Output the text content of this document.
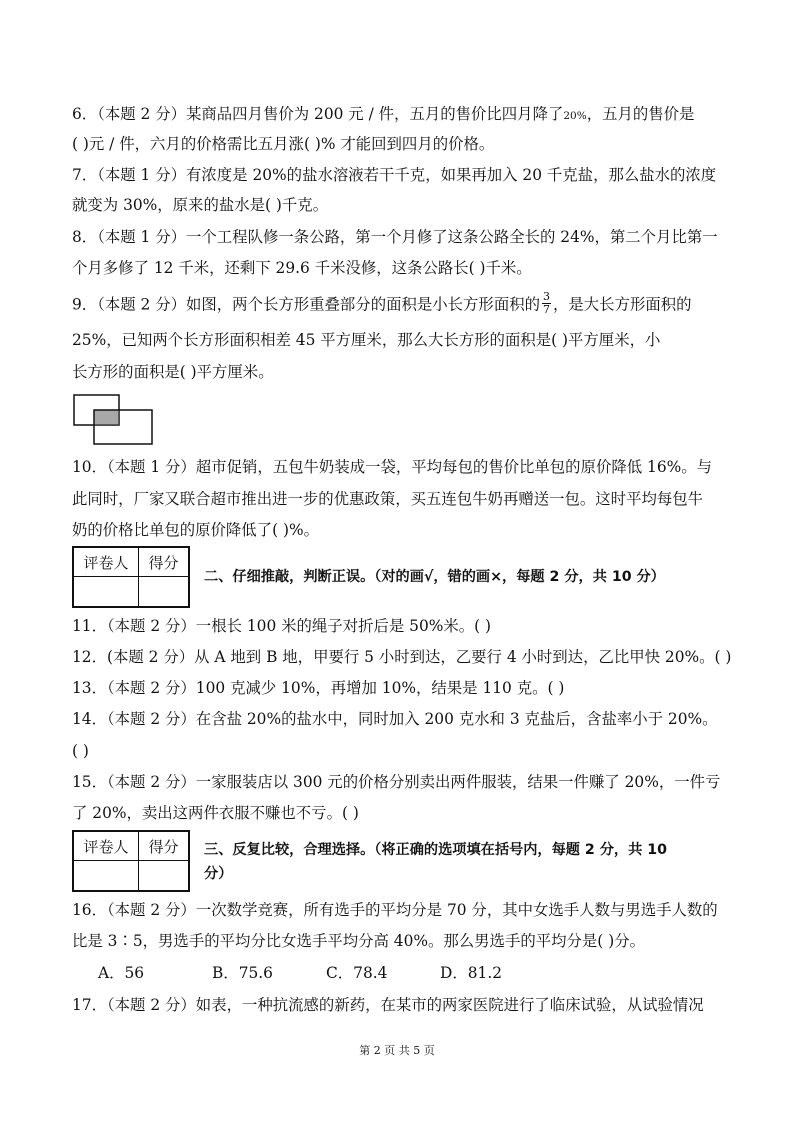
6．（本题 2 分）某商品四月售价为 200 元 / 件，五月的售价比四月降了20%，五月的售价是
( )元 / 件，六月的价格需比五月涨( )% 才能回到四月的价格。
7．（本题 1 分）有浓度是 20%的盐水溶液若干千克，如果再加入 20 千克盐，那么盐水的浓度
就变为 30%，原来的盐水是( )千克。
8．（本题 1 分）一个工程队修一条公路，第一个月修了这条公路全长的 24%，第二个月比第一
个月多修了 12 千米，还剩下 29.6 千米没修，这条公路长( )千米。
9．（本题 2 分）如图，两个长方形重叠部分的面积是小长方形面积的 $\frac{3}{7}$ ，是大长方形面积的
25%，已知两个长方形面积相差 45 平方厘米，那么大长方形的面积是( )平方厘米，小
长方形的面积是( )平方厘米。
10．（本题 1 分）超市促销，五包牛奶装成一袋，平均每包的售价比单包的原价降低 16%。与
此同时，厂家又联合超市推出进一步的优惠政策，买五连包牛奶再赠送一包。这时平均每包牛
奶的价格比单包的原价降低了( )%。
评卷人	得分

二、仔细推敲，判断正误。（对的画√，错的画×，每题 2 分，共 10 分）
11．（本题 2 分）一根长 100 米的绳子对折后是 50%米。( )
12．(本题 2 分）从 A 地到 B 地，甲要行 5 小时到达，乙要行 4 小时到达，乙比甲快 20%。( )
13．（本题 2 分）100 克减少 10%，再增加 10%，结果是 110 克。( )
14．（本题 2 分）在含盐 20%的盐水中，同时加入 200 克水和 3 克盐后，含盐率小于 20%。
( )
15．（本题 2 分）一家服装店以 300 元的价格分别卖出两件服装，结果一件赚了 20%，一件亏
了 20%，卖出这两件衣服不赚也不亏。( )
评卷人	得分
	三、反复比较，合理选择。（将正确的选项填在括号内，每题 2 分，共 10
分）
16．（本题 2 分）一次数学竞赛，所有选手的平均分是 70 分，其中女选手人数与男选手人数的
比是 3∶5，男选手的平均分比女选手平均分高 40%。那么男选手的平均分是( )分。
A．56	B．75.6	C．78.4	D．81.2
17．（本题 2 分）如表，一种抗流感的新药，在某市的两家医院进行了临床试验，从试验情况
第 2 页 共 5 页
